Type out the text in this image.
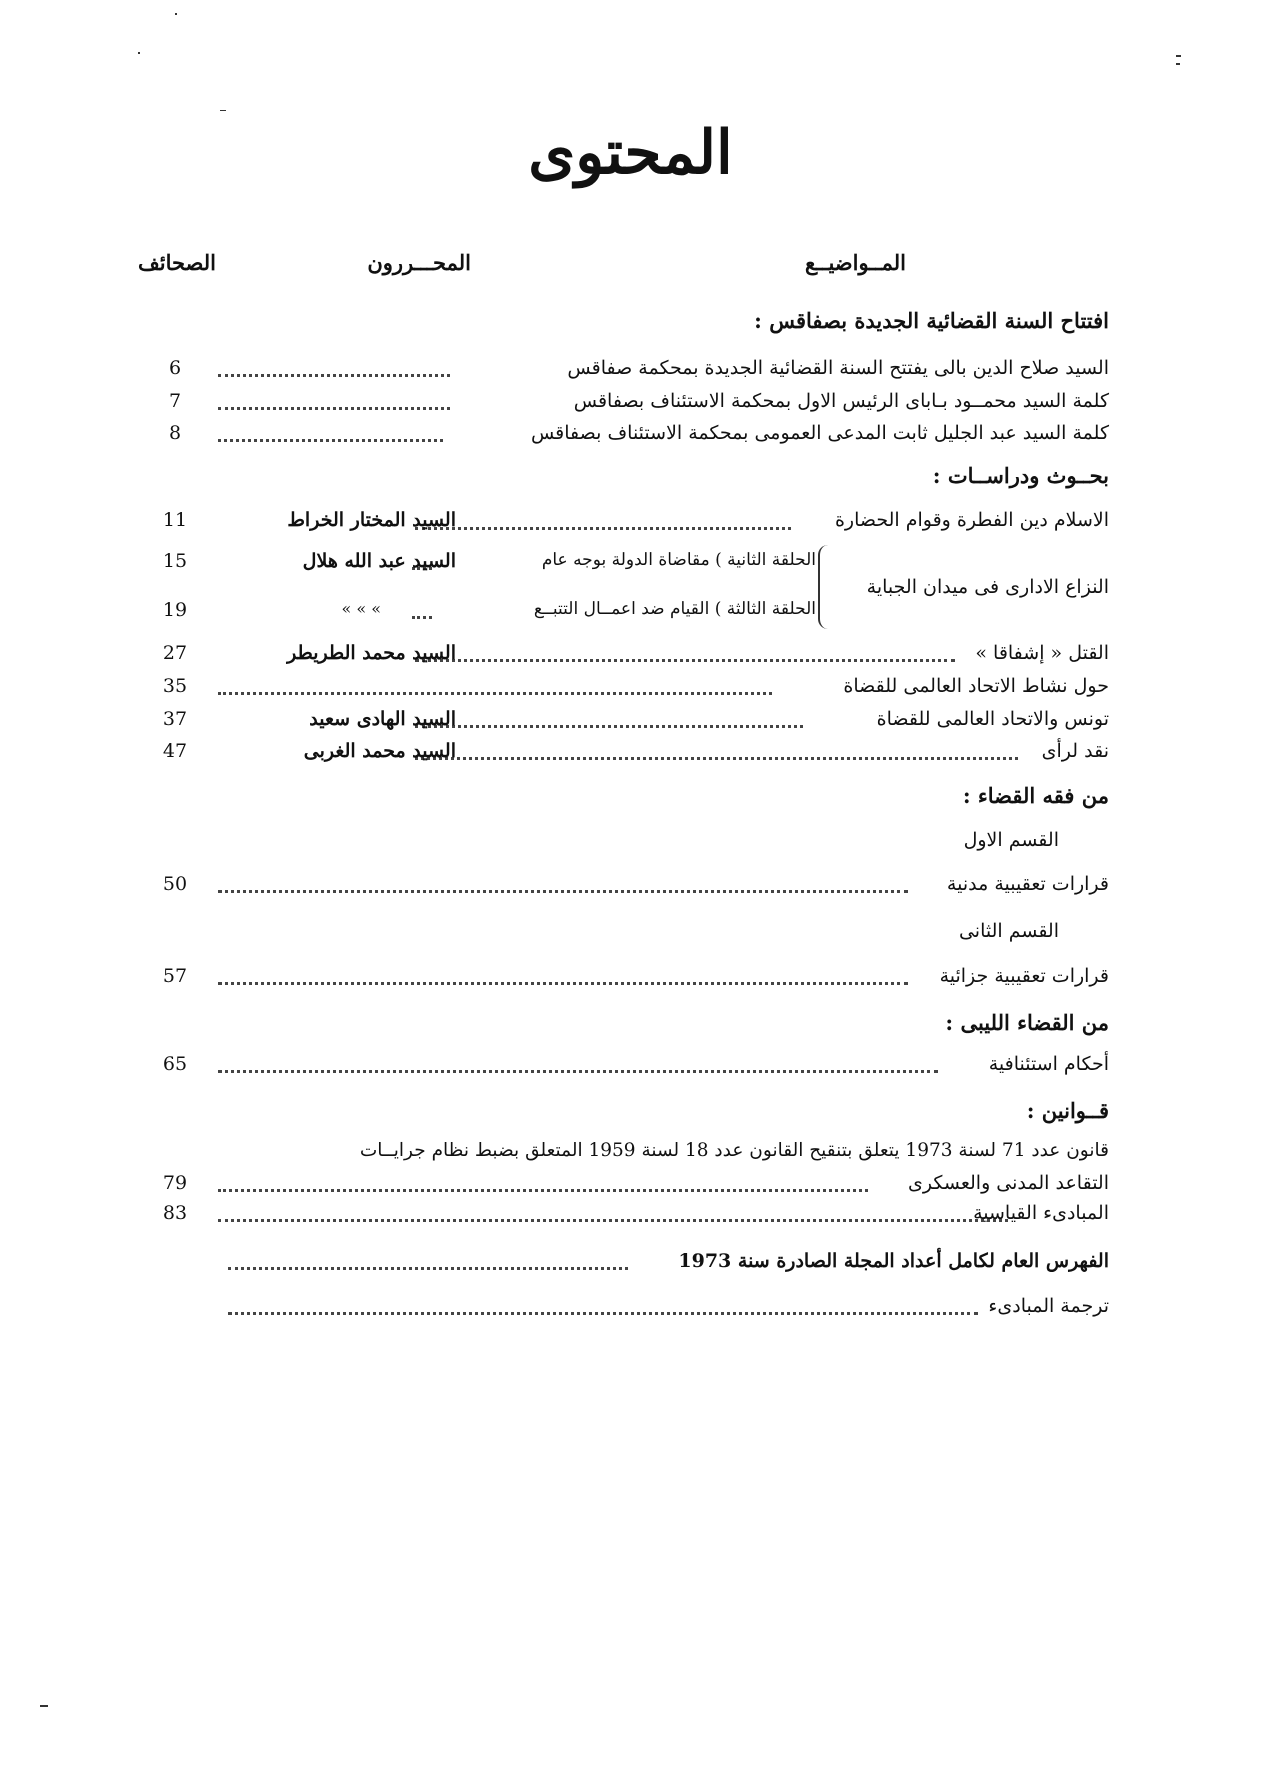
المحتوى
المــواضيــع
المحـــررون
الصحائف
افتتاح السنة القضائية الجديدة بصفاقس :
السيد صلاح الدين بالى يفتتح السنة القضائية الجديدة بمحكمة صفاقس
6
كلمة السيد محمــود بـاباى الرئيس الاول بمحكمة الاستئناف بصفاقس
7
كلمة السيد عبد الجليل ثابت المدعى العمومى بمحكمة الاستئناف بصفاقس
8
بحــوث ودراســات :
الاسلام دين الفطرة وقوام الحضارة
السيد المختار الخراط
11
النزاع الادارى فى ميدان الجباية
الحلقة الثانية ) مقاضاة الدولة بوجه عام
السيد عبد الله هلال
15
الحلقة الثالثة ) القيام ضد اعمــال التتبــع
» » »
19
القتل « إشفاقا »
السيد محمد الطريطر
27
حول نشاط الاتحاد العالمى للقضاة
35
تونس والاتحاد العالمى للقضاة
السيد الهادى سعيد
37
نقد لرأى
السيد محمد الغربى
47
من فقه القضاء :
القسم الاول
قرارات تعقيبية مدنية
50
القسم الثانى
قرارات تعقيبية جزائية
57
من القضاء الليبى :
أحكام استئنافية
65
قــوانين :
قانون عدد 71 لسنة 1973 يتعلق بتنقيح القانون عدد 18 لسنة 1959 المتعلق بضبط نظام جرايــات
التقاعد المدنى والعسكرى
79
المبادىء القياسية
83
الفهرس العام لكامل أعداد المجلة الصادرة سنة 1973
ترجمة المبادىء
